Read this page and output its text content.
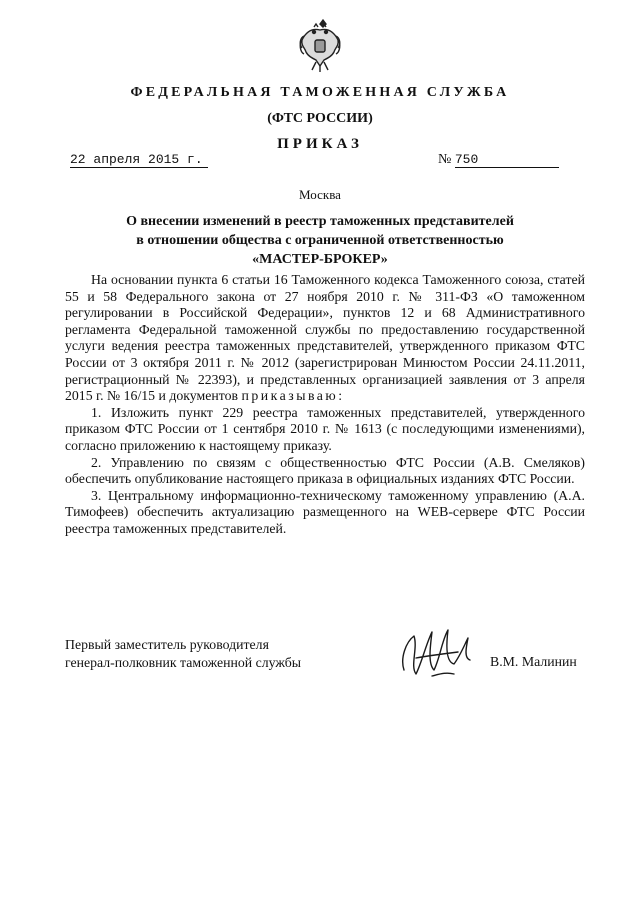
ФЕДЕРАЛЬНАЯ ТАМОЖЕННАЯ СЛУЖБА
(ФТС РОССИИ)
ПРИКАЗ
22 апреля 2015 г.	№ 750
Москва
О внесении изменений в реестр таможенных представителей
в отношении общества с ограниченной ответственностью
«МАСТЕР-БРОКЕР»

На основании пункта 6 статьи 16 Таможенного кодекса Таможенного союза, статей 55 и 58 Федерального закона от 27 ноября 2010 г. № 311-ФЗ «О таможенном регулировании в Российской Федерации», пунктов 12 и 68 Административного регламента Федеральной таможенной службы по предоставлению государственной услуги ведения реестра таможенных представителей, утвержденного приказом ФТС России от 3 октября 2011 г. № 2012 (зарегистрирован Минюстом России 24.11.2011, регистрационный № 22393), и представленных организацией заявления от 3 апреля 2015 г. № 16/15 и документов приказываю:

1. Изложить пункт 229 реестра таможенных представителей, утвержденного приказом ФТС России от 1 сентября 2010 г. № 1613 (с последующими изменениями), согласно приложению к настоящему приказу.

2. Управлению по связям с общественностью ФТС России (А.В. Смеляков) обеспечить опубликование настоящего приказа в официальных изданиях ФТС России.

3. Центральному информационно-техническому таможенному управлению (А.А. Тимофеев) обеспечить актуализацию размещенного на WEB-сервере ФТС России реестра таможенных представителей.

Первый заместитель руководителя
генерал-полковник таможенной службы	В.М. Малинин
